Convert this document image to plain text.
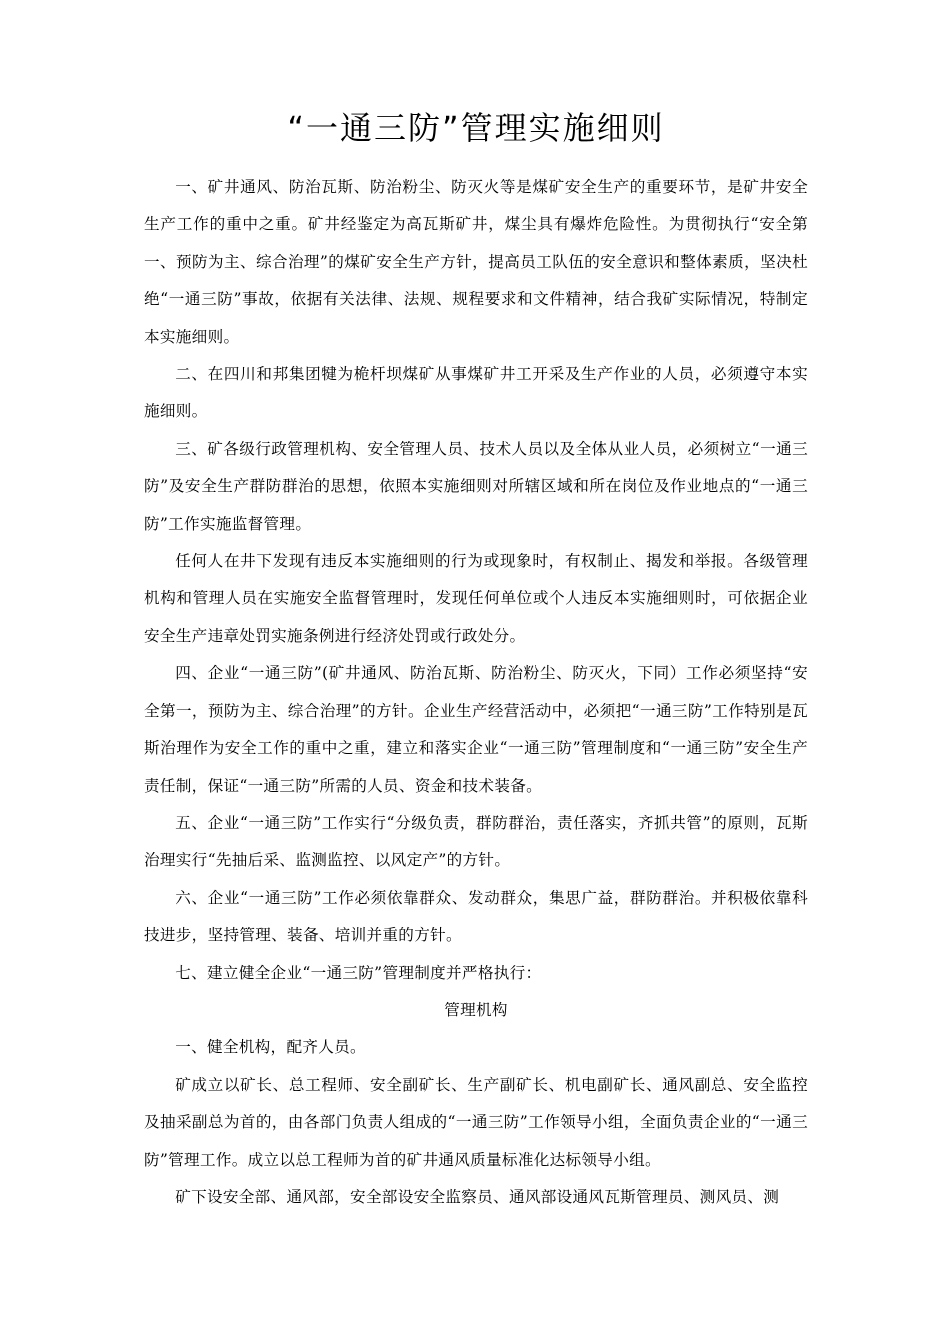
“一通三防”管理实施细则

一、矿井通风、防治瓦斯、防治粉尘、防灭火等是煤矿安全生产的重要环节，是矿井安全生产工作的重中之重。矿井经鉴定为高瓦斯矿井，煤尘具有爆炸危险性。为贯彻执行“安全第一、预防为主、综合治理”的煤矿安全生产方针，提高员工队伍的安全意识和整体素质，坚决杜绝“一通三防”事故，依据有关法律、法规、规程要求和文件精神，结合我矿实际情况，特制定本实施细则。

二、在四川和邦集团犍为桅杆坝煤矿从事煤矿井工开采及生产作业的人员，必须遵守本实施细则。

三、矿各级行政管理机构、安全管理人员、技术人员以及全体从业人员，必须树立“一通三防”及安全生产群防群治的思想，依照本实施细则对所辖区域和所在岗位及作业地点的“一通三防”工作实施监督管理。

任何人在井下发现有违反本实施细则的行为或现象时，有权制止、揭发和举报。各级管理机构和管理人员在实施安全监督管理时，发现任何单位或个人违反本实施细则时，可依据企业安全生产违章处罚实施条例进行经济处罚或行政处分。

四、企业“一通三防”(矿井通风、防治瓦斯、防治粉尘、防灭火，下同）工作必须坚持“安全第一，预防为主、综合治理”的方针。企业生产经营活动中，必须把“一通三防”工作特别是瓦斯治理作为安全工作的重中之重，建立和落实企业“一通三防”管理制度和“一通三防”安全生产责任制，保证“一通三防”所需的人员、资金和技术装备。

五、企业“一通三防”工作实行“分级负责，群防群治，责任落实，齐抓共管”的原则，瓦斯治理实行“先抽后采、监测监控、以风定产”的方针。

六、企业“一通三防”工作必须依靠群众、发动群众，集思广益，群防群治。并积极依靠科技进步，坚持管理、装备、培训并重的方针。

七、建立健全企业“一通三防”管理制度并严格执行：

管理机构

一、健全机构，配齐人员。

矿成立以矿长、总工程师、安全副矿长、生产副矿长、机电副矿长、通风副总、安全监控及抽采副总为首的，由各部门负责人组成的“一通三防”工作领导小组，全面负责企业的“一通三防”管理工作。成立以总工程师为首的矿井通风质量标准化达标领导小组。

矿下设安全部、通风部，安全部设安全监察员、通风部设通风瓦斯管理员、测风员、测
